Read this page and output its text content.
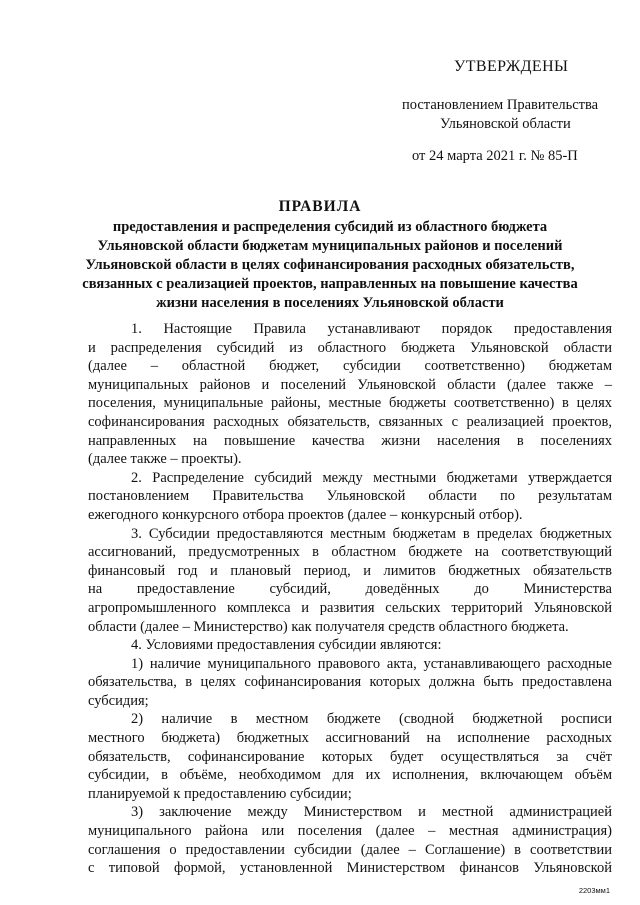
УТВЕРЖДЕНЫ
постановлением Правительства
Ульяновской области
от 24 марта 2021 г. № 85-П
ПРАВИЛА
предоставления и распределения субсидий из областного бюджета
Ульяновской области бюджетам муниципальных районов и поселений
Ульяновской области в целях софинанcирования расходных обязательств,
связанных с реализацией проектов, направленных на повышение качества
жизни населения в поселениях Ульяновской области
1. Настоящие Правила устанавливают порядок предоставления
и распределения субсидий из областного бюджета Ульяновской области
(далее – областной бюджет, субсидии соответственно) бюджетам
муниципальных районов и поселений Ульяновской области (далее также –
поселения, муниципальные районы, местные бюджеты соответственно) в целях
софинансирования расходных обязательств, связанных с реализацией проектов,
направленных на повышение качества жизни населения в поселениях
(далее также – проекты).
2. Распределение субсидий между местными бюджетами утверждается
постановлением Правительства Ульяновской области по результатам
ежегодного конкурсного отбора проектов (далее – конкурсный отбор).
3. Субсидии предоставляются местным бюджетам в пределах бюджетных
ассигнований, предусмотренных в областном бюджете на соответствующий
финансовый год и плановый период, и лимитов бюджетных обязательств
на предоставление субсидий, доведённых до Министерства
агропромышленного комплекса и развития сельских территорий Ульяновской
области (далее – Министерство) как получателя средств областного бюджета.
4. Условиями предоставления субсидии являются:
1) наличие муниципального правового акта, устанавливающего расходные
обязательства, в целях софинансирования которых должна быть предоставлена
субсидия;
2) наличие в местном бюджете (сводной бюджетной росписи
местного бюджета) бюджетных ассигнований на исполнение расходных
обязательств, софинансирование которых будет осуществляться за счёт
субсидии, в объёме, необходимом для их исполнения, включающем объём
планируемой к предоставлению субсидии;
3) заключение между Министерством и местной администрацией
муниципального района или поселения (далее – местная администрация)
соглашения о предоставлении субсидии (далее – Соглашение) в соответствии
с типовой формой, установленной Министерством финансов Ульяновской
2203мм1
